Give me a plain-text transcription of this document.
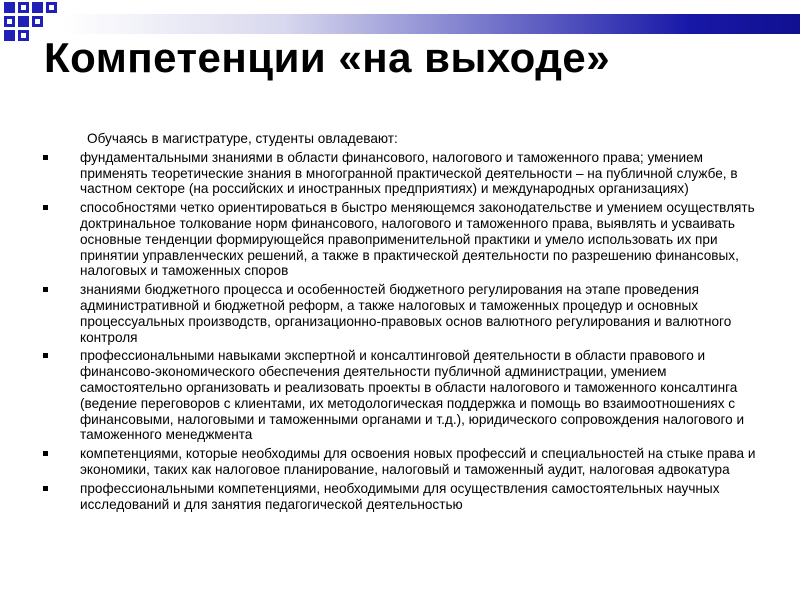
Компетенции «на выходе»

Обучаясь в магистратуре, студенты овладевают:

фундаментальными знаниями в области финансового, налогового и таможенного права; умением применять теоретические знания в многогранной практической деятельности – на публичной службе, в частном секторе (на российских и иностранных предприятиях) и международных организациях)
способностями четко ориентироваться в быстро меняющемся законодательстве и умением осуществлять доктринальное толкование норм финансового, налогового и таможенного права, выявлять и усваивать основные тенденции формирующейся правоприменительной практики и умело использовать их при принятии управленческих решений, а также в практической деятельности по разрешению финансовых, налоговых и таможенных споров
знаниями бюджетного процесса и особенностей бюджетного регулирования на этапе проведения административной и бюджетной реформ, а также налоговых и таможенных процедур и основных процессуальных производств, организационно-правовых основ валютного регулирования и валютного контроля
профессиональными навыками экспертной и консалтинговой деятельности в области правового и финансово-экономического обеспечения деятельности публичной администрации, умением самостоятельно организовать и реализовать проекты в области налогового и таможенного консалтинга (ведение переговоров с клиентами, их методологическая поддержка и помощь во взаимоотношениях с финансовыми, налоговыми и таможенными органами и т.д.), юридического сопровождения налогового и таможенного менеджмента
компетенциями, которые необходимы для освоения новых профессий и специальностей на стыке права и экономики, таких как налоговое планирование, налоговый и таможенный аудит, налоговая адвокатура
профессиональными компетенциями, необходимыми для осуществления самостоятельных научных исследований и для занятия педагогической деятельностью
